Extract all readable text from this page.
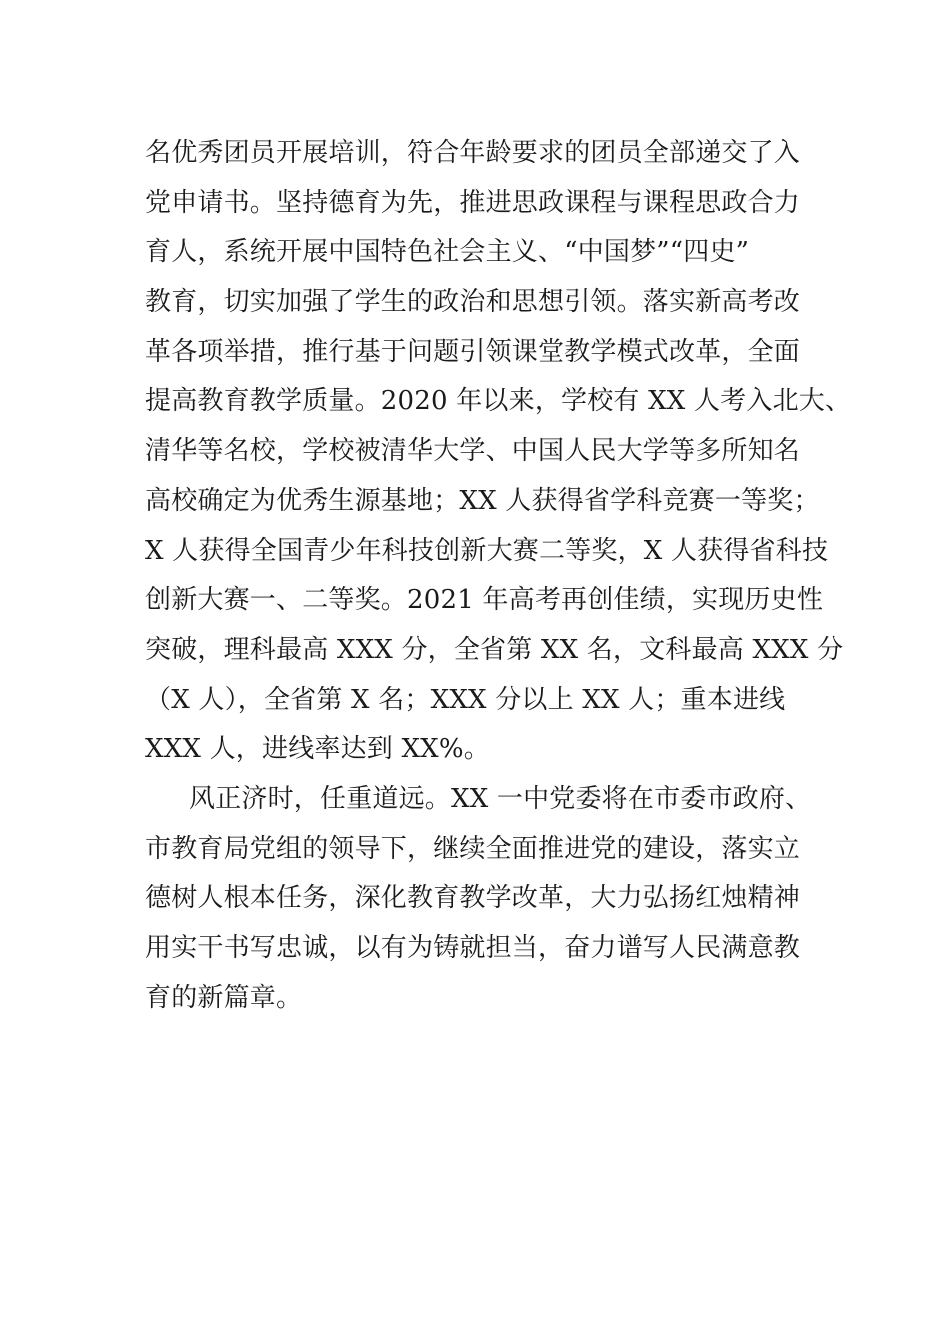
名优秀团员开展培训，符合年龄要求的团员全部递交了入
党申请书。坚持德育为先，推进思政课程与课程思政合力
育人，系统开展中国特色社会主义、“中国梦”“四史”
教育，切实加强了学生的政治和思想引领。落实新高考改
革各项举措，推行基于问题引领课堂教学模式改革，全面
提高教育教学质量。2020 年以来，学校有 XX 人考入北大、
清华等名校，学校被清华大学、中国人民大学等多所知名
高校确定为优秀生源基地；XX 人获得省学科竞赛一等奖；
X 人获得全国青少年科技创新大赛二等奖，X 人获得省科技
创新大赛一、二等奖。2021 年高考再创佳绩，实现历史性
突破，理科最高 XXX 分，全省第 XX 名，文科最高 XXX 分
（X 人），全省第 X 名；XXX 分以上 XX 人；重本进线
XXX 人，进线率达到 XX%。
风正济时，任重道远。XX 一中党委将在市委市政府、
市教育局党组的领导下，继续全面推进党的建设，落实立
德树人根本任务，深化教育教学改革，大力弘扬红烛精神
用实干书写忠诚，以有为铸就担当，奋力谱写人民满意教
育的新篇章。
